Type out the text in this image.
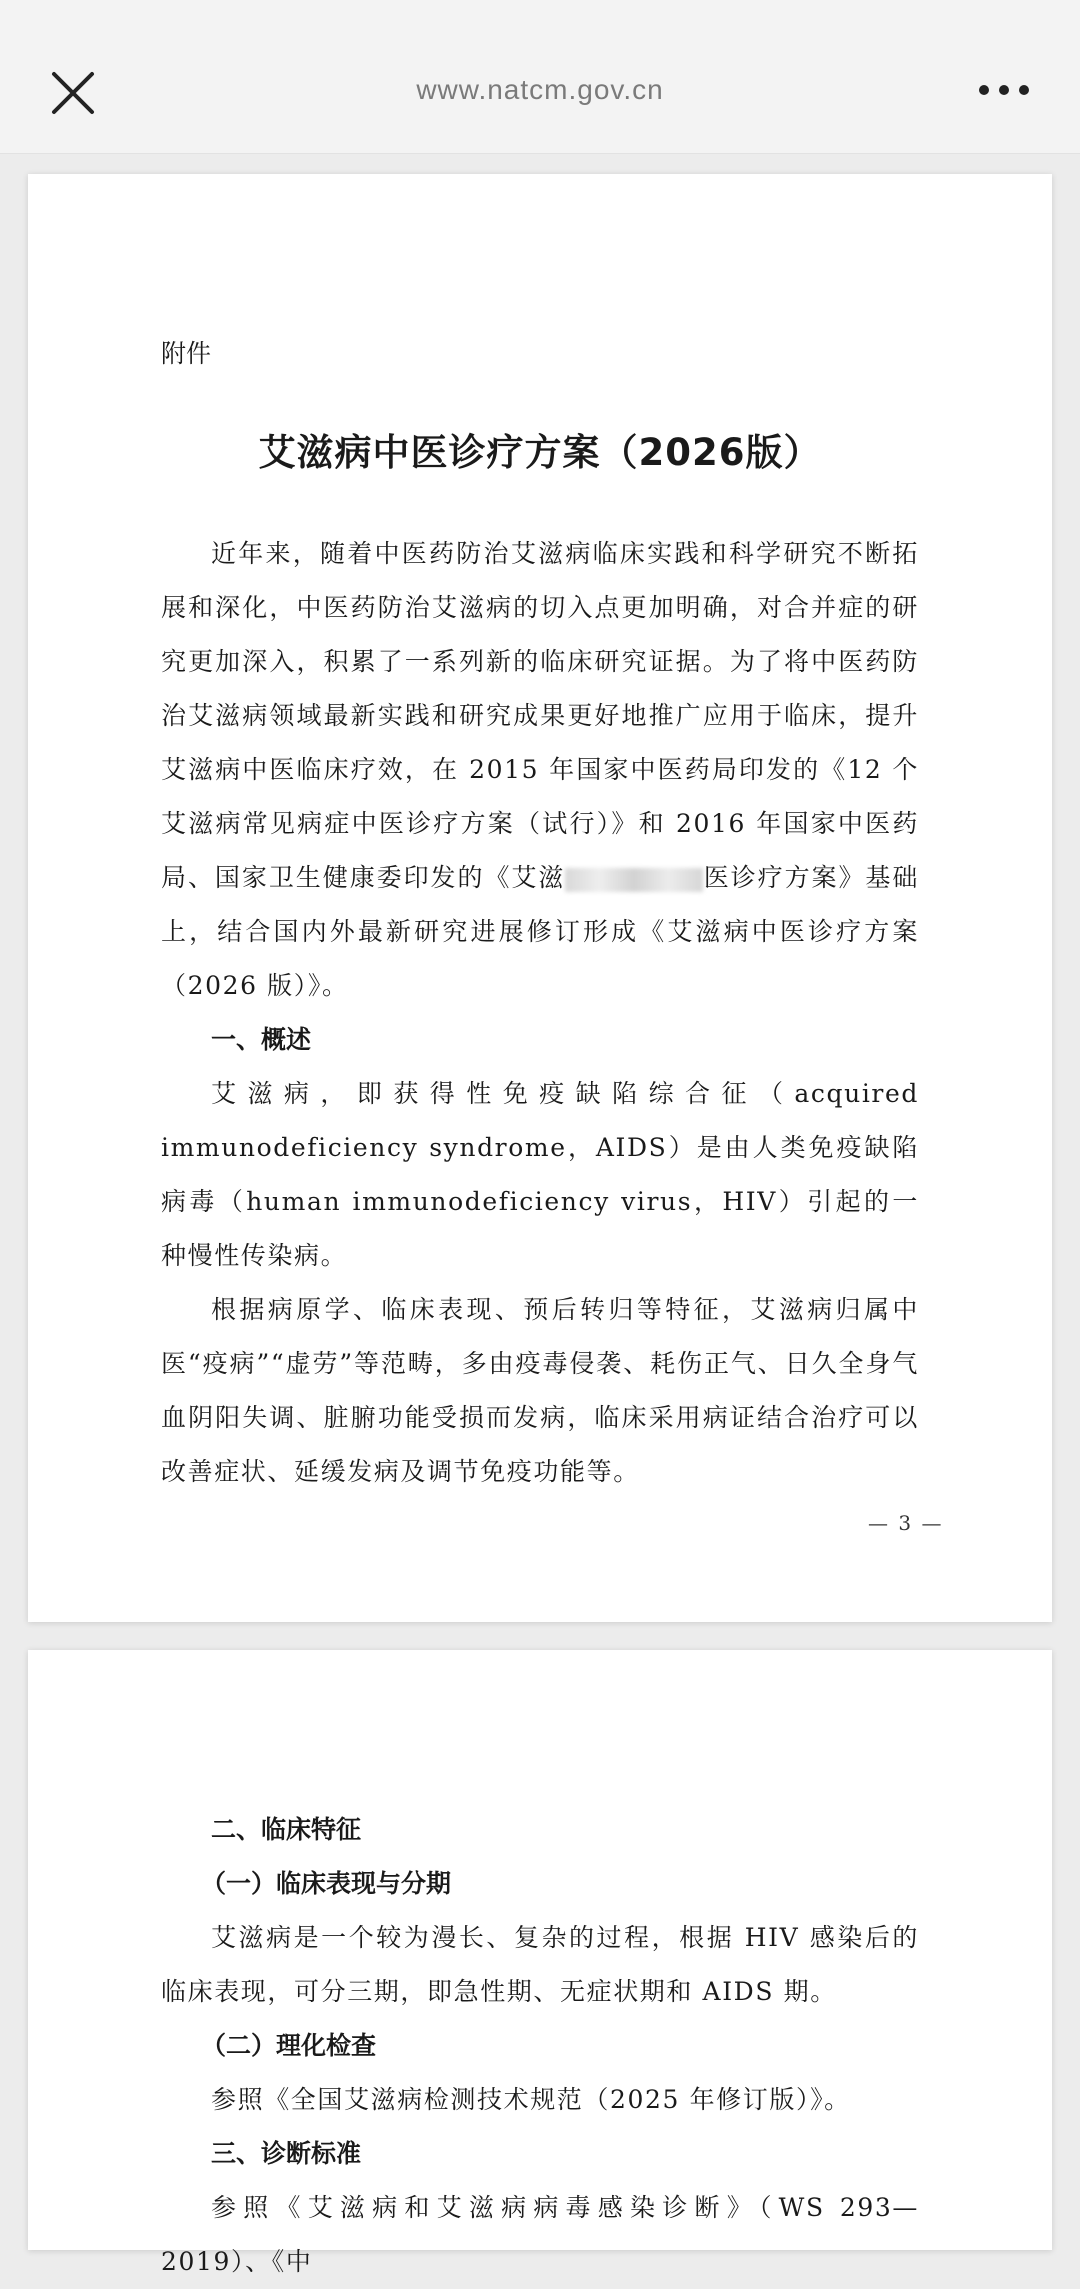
www.natcm.gov.cn
附件
艾滋病中医诊疗方案（2026版）

近年来，随着中医药防治艾滋病临床实践和科学研究不断拓展和深化，中医药防治艾滋病的切入点更加明确，对合并症的研究更加深入，积累了一系列新的临床研究证据。为了将中医药防治艾滋病领域最新实践和研究成果更好地推广应用于临床，提升艾滋病中医临床疗效，在 2015 年国家中医药局印发的《12 个艾滋病常见病症中医诊疗方案（试行）》和 2016 年国家中医药局、国家卫生健康委印发的《艾滋	医诊疗方案》基础上，结合国内外最新研究进展修订形成《艾滋病中医诊疗方案（2026 版）》。

一、概述

艾滋病，即获得性免疫缺陷综合征（acquired immunodeficiency syndrome，AIDS）是由人类免疫缺陷病毒（human immunodeficiency virus，HIV）引起的一种慢性传染病。

根据病原学、临床表现、预后转归等特征，艾滋病归属中医“疫病”“虚劳”等范畴，多由疫毒侵袭、耗伤正气、日久全身气血阴阳失调、脏腑功能受损而发病，临床采用病证结合治疗可以改善症状、延缓发病及调节免疫功能等。

— 3 —

二、临床特征

（一）临床表现与分期

艾滋病是一个较为漫长、复杂的过程，根据 HIV 感染后的临床表现，可分三期，即急性期、无症状期和 AIDS 期。

（二）理化检查

参照《全国艾滋病检测技术规范（2025 年修订版）》。

三、诊断标准

参照《艾滋病和艾滋病病毒感染诊断》（WS 293—2019）、《中
